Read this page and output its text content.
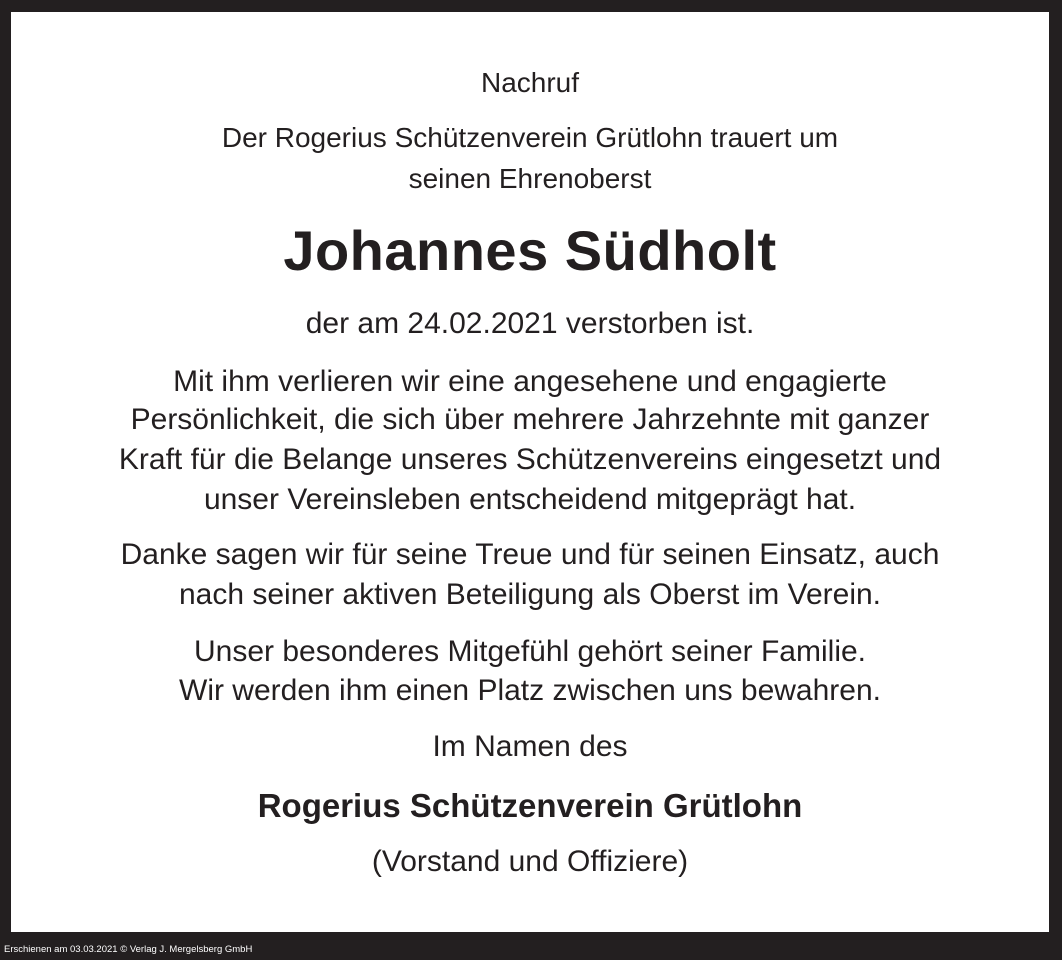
Nachruf
Der Rogerius Schützenverein Grütlohn trauert um
seinen Ehrenoberst
Johannes Südholt
der am 24.02.2021 verstorben ist.
Mit ihm verlieren wir eine angesehene und engagierte
Persönlichkeit, die sich über mehrere Jahrzehnte mit ganzer
Kraft für die Belange unseres Schützenvereins eingesetzt und
unser Vereinsleben entscheidend mitgeprägt hat.
Danke sagen wir für seine Treue und für seinen Einsatz, auch
nach seiner aktiven Beteiligung als Oberst im Verein.
Unser besonderes Mitgefühl gehört seiner Familie.
Wir werden ihm einen Platz zwischen uns bewahren.
Im Namen des
Rogerius Schützenverein Grütlohn
(Vorstand und Offiziere)
Erschienen am 03.03.2021 © Verlag J. Mergelsberg GmbH
